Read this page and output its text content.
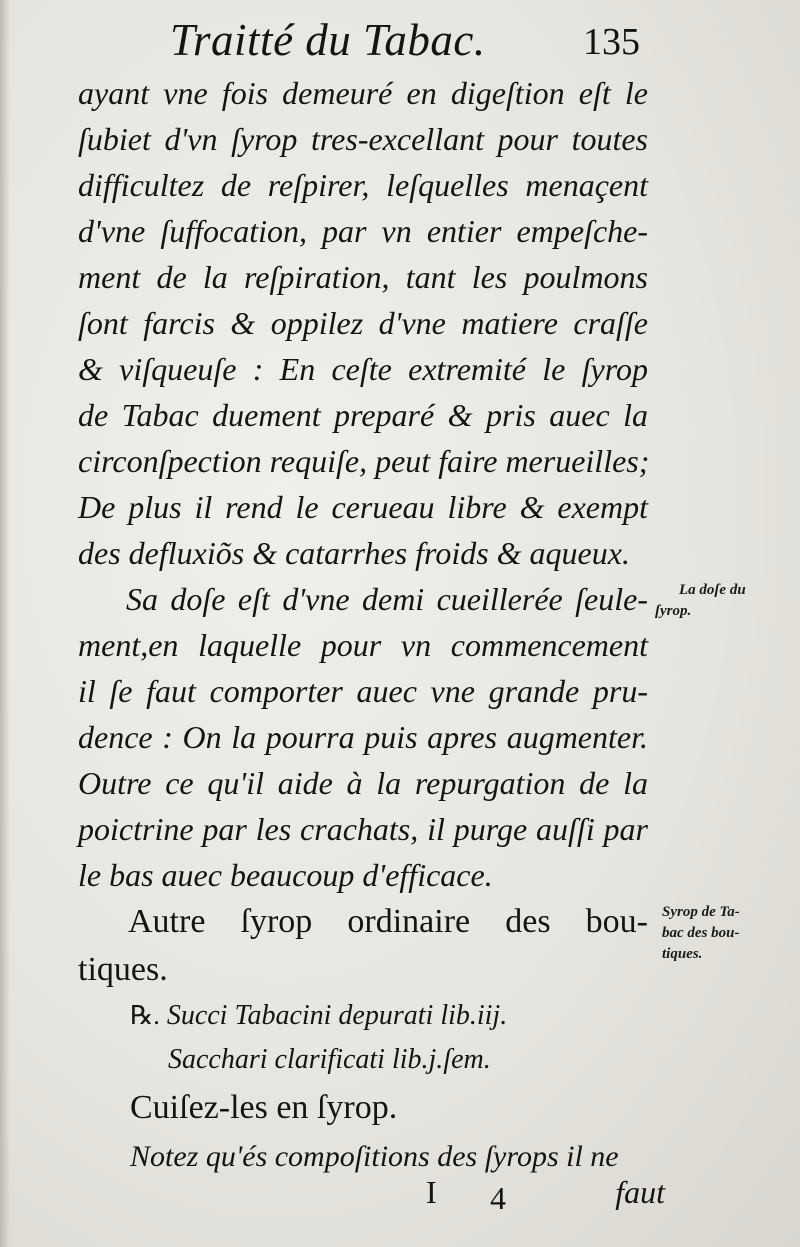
Traitté du Tabac.	135
ayant vne fois demeuré en digeſtion eſt le
ſubiet d'vn ſyrop tres-excellant pour toutes
difficultez de reſpirer, leſquelles menaçent
d'vne ſuffocation, par vn entier empeſche-
ment de la reſpiration, tant les poulmons
ſont farcis & oppilez d'vne matiere craſſe
& viſqueuſe : En ceſte extremité le ſyrop
de Tabac duement preparé & pris auec la
circonſpection requiſe, peut faire merueilles;
De plus il rend le cerueau libre & exempt
des defluxiõs & catarrhes froids & aqueux.
Sa doſe eſt d'vne demi cueillerée ſeule-
ment,en laquelle pour vn commencement
il ſe faut comporter auec vne grande pru-
dence : On la pourra puis apres augmenter.
Outre ce qu'il aide à la repurgation de la
poictrine par les crachats, il purge auſſi par
le bas auec beaucoup d'efficace.
Autre ſyrop ordinaire des bou-
tiques.
℞. Succi Tabacini depurati lib.iij.
Sacchari clarificati lib.j.ſem.
Cuiſez-les en ſyrop.
Notez qu'és compoſitions des ſyrops il ne
I 4	faut
La doſe du
ſyrop.
Syrop de Ta-
bac des bou-
tiques.
